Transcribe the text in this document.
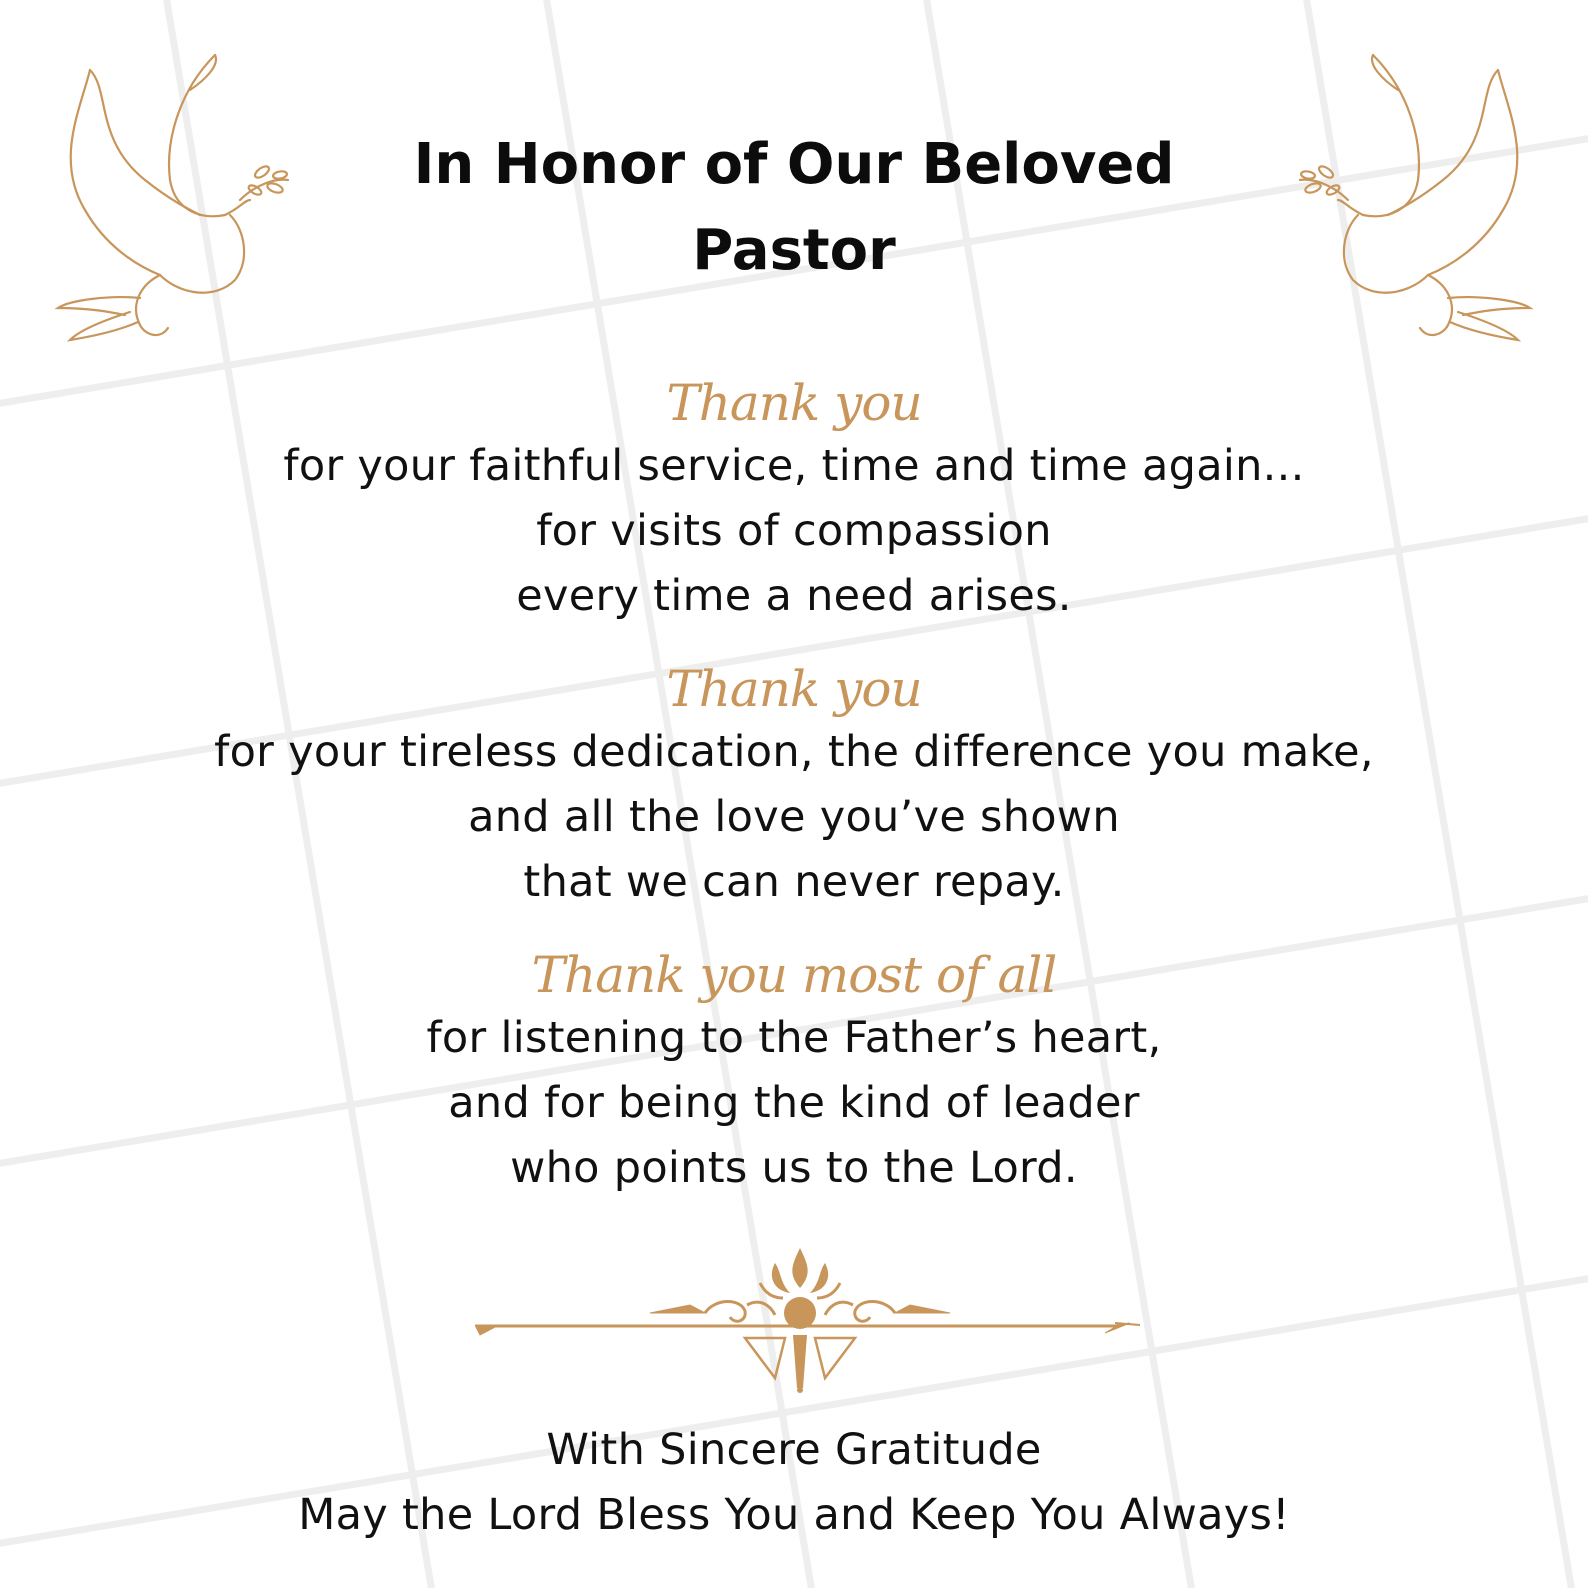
In Honor of Our Beloved
Pastor
Thank you
for your faithful service, time and time again...
for visits of compassion
every time a need arises.
Thank you
for your tireless dedication, the difference you make,
and all the love you’ve shown
that we can never repay.
Thank you most of all
for listening to the Father’s heart,
and for being the kind of leader
who points us to the Lord.
With Sincere Gratitude
May the Lord Bless You and Keep You Always!
